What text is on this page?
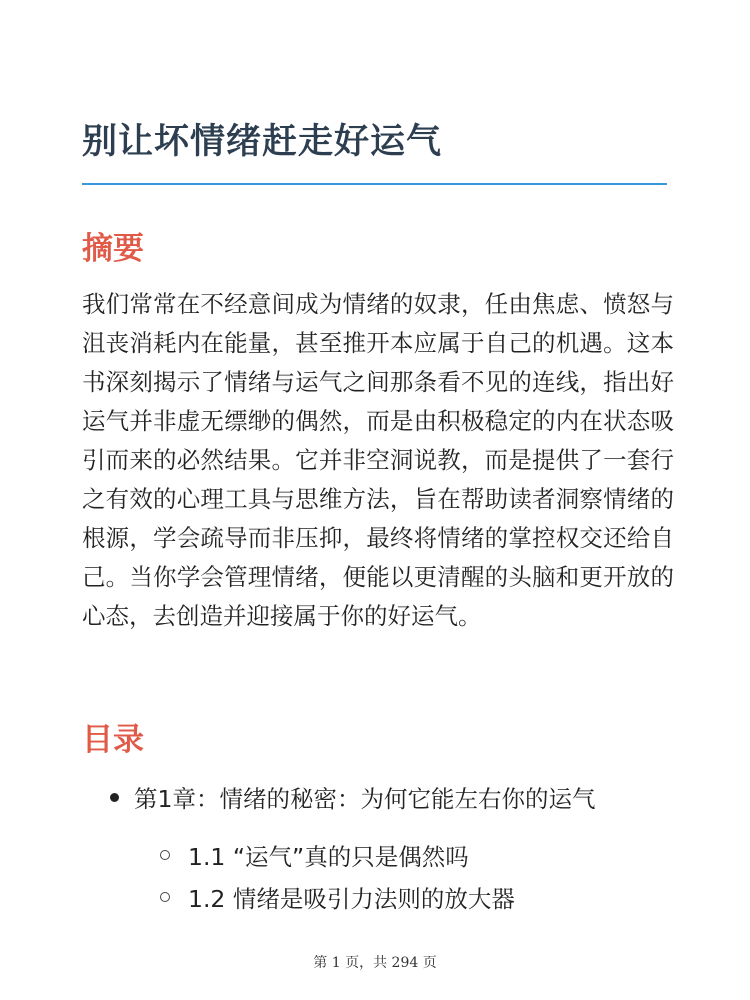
别让坏情绪赶走好运气
摘要

我们常常在不经意间成为情绪的奴隶，任由焦虑、愤怒与沮丧消耗内在能量，甚至推开本应属于自己的机遇。这本书深刻揭示了情绪与运气之间那条看不见的连线，指出好运气并非虚无缥缈的偶然，而是由积极稳定的内在状态吸引而来的必然结果。它并非空洞说教，而是提供了一套行之有效的心理工具与思维方法，旨在帮助读者洞察情绪的根源，学会疏导而非压抑，最终将情绪的掌控权交还给自己。当你学会管理情绪，便能以更清醒的头脑和更开放的心态，去创造并迎接属于你的好运气。

目录
第1章：情绪的秘密：为何它能左右你的运气
1.1 “运气”真的只是偶然吗
1.2 情绪是吸引力法则的放大器
第 1 页，共 294 页
